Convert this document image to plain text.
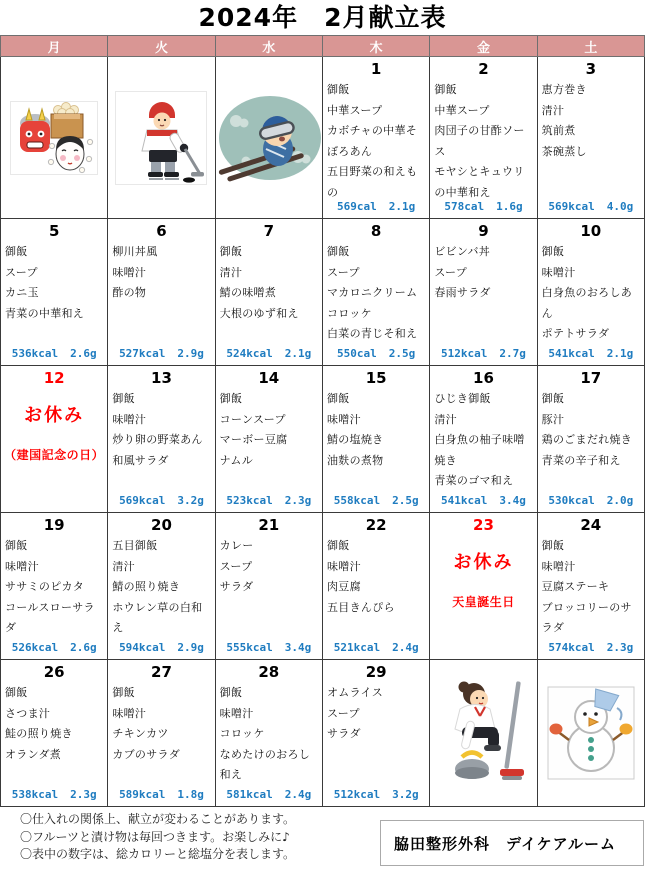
2024年　2月献立表
月	火	水	木	金	土

1
御飯
中華スープ
カボチャの中華そぼろあん
五目野菜の和えもの
569cal 2.1g

2
御飯
中華スープ
肉団子の甘酢ソース
モヤシとキュウリの中華和え
578cal 1.6g

3
恵方巻き
清汁
筑前煮
茶碗蒸し
569kcal 4.0g

5
御飯
スープ
カニ玉
青菜の中華和え
536kcal 2.6g

6
柳川丼風
味噌汁
酢の物
527kcal 2.9g

7
御飯
清汁
鯖の味噌煮
大根のゆず和え
524kcal 2.1g

8
御飯
スープ
マカロニクリームコロッケ
白菜の青じそ和え
550cal 2.5g

9
ビビンバ丼
スープ
春雨サラダ
512kcal 2.7g

10
御飯
味噌汁
白身魚のおろしあん
ポテトサラダ
541kcal 2.1g

12
お休み
（建国記念の日）

13
御飯
味噌汁
炒り卵の野菜あん
和風サラダ
569kcal 3.2g

14
御飯
コーンスープ
マーボー豆腐
ナムル
523kcal 2.3g

15
御飯
味噌汁
鯖の塩焼き
油麩の煮物
558kcal 2.5g

16
ひじき御飯
清汁
白身魚の柚子味噌焼き
青菜のゴマ和え
541kcal 3.4g

17
御飯
豚汁
鶏のごまだれ焼き
青菜の辛子和え
530kcal 2.0g

19
御飯
味噌汁
ササミのピカタ
コールスローサラダ
526kcal 2.6g

20
五目御飯
清汁
鯖の照り焼き
ホウレン草の白和え
594kcal 2.9g

21
カレー
スープ
サラダ
555kcal 3.4g

22
御飯
味噌汁
肉豆腐
五目きんぴら
521kcal 2.4g

23
お休み
天皇誕生日

24
御飯
味噌汁
豆腐ステーキ
ブロッコリーのサラダ
574kcal 2.3g

26
御飯
さつま汁
鮭の照り焼き
オランダ煮
538kcal 2.3g

27
御飯
味噌汁
チキンカツ
カブのサラダ
589kcal 1.8g

28
御飯
味噌汁
コロッケ
なめたけのおろし和え
581kcal 2.4g

29
オムライス
スープ
サラダ
512kcal 3.2g

〇仕入れの関係上、献立が変わることがあります。
〇フルーツと漬け物は毎回つきます。お楽しみに♪
〇表中の数字は、総カロリーと総塩分を表します。
脇田整形外科　デイケアルーム
